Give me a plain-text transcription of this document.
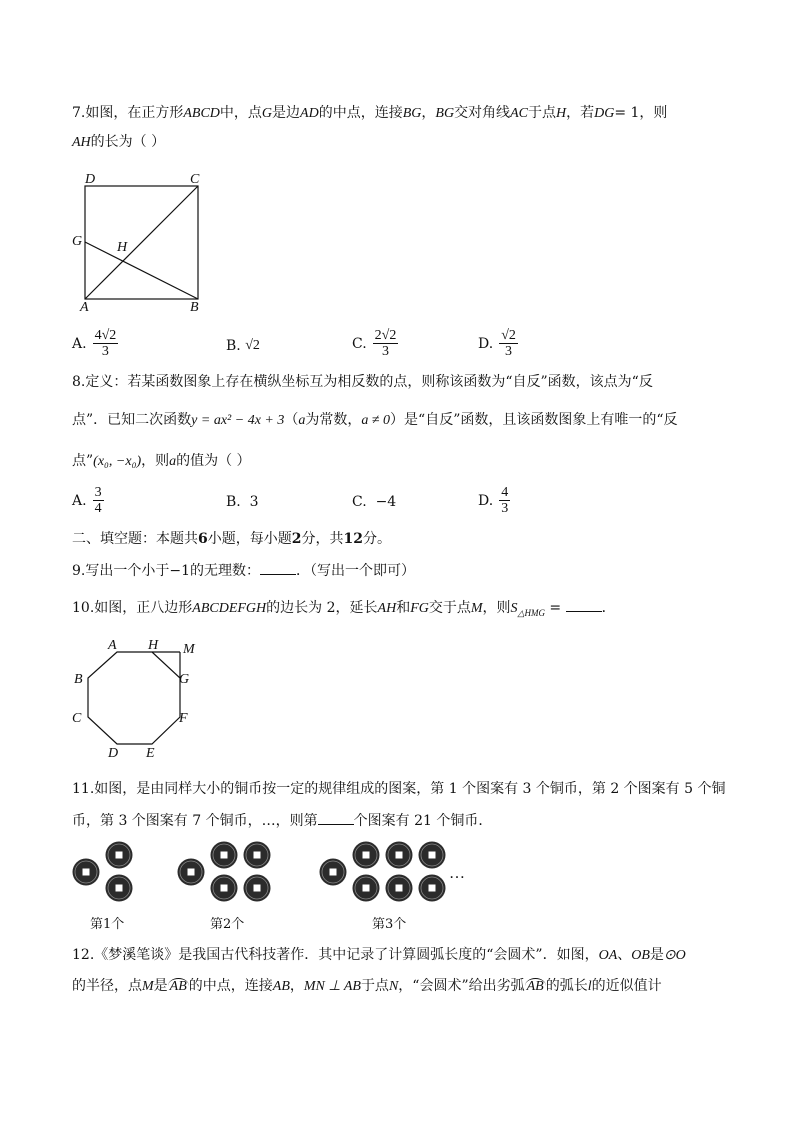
7.如图，在正方形ABCD中，点G是边AD的中点，连接BG，BG交对角线AC于点H，若DG= 1，则
AH的长为（ ）
D	C
G H
A	B
A. $\frac{4√2}{3}$	B.
√2	C. $\frac{2√2}{3}$	D. $\frac{√2}{3}$
8.定义：若某函数图象上存在横纵坐标互为相反数的点，则称该函数为“自反”函数，该点为“反
点”．已知二次函数y = ax² − 4x + 3（a为常数，a ≠ 0）是“自反”函数，且该函数图象上有唯一的“反
点”(x₀, −x₀)，则a的值为（ ）
A. $\frac{3}{4}$	B.
3	C.
−4	D. $\frac{4}{3}$
二、填空题：本题共6小题，每小题2分，共12分。
9.写出一个小于−1的无理数：	．（写出一个即可）
10.如图，正八边形ABCDEFGH的边长为 2，延长AH和FG交于点M，则$S_{\triangle HMG}$ =	．
A H M
B	G
C	F
D E
11.如图，是由同样大小的铜币按一定的规律组成的图案，第 1 个图案有 3 个铜币，第 2 个图案有 5 个铜
币，第 3 个图案有 7 个铜币，…，则第	个图案有 21 个铜币．
…
第1个	第2个	第3个
12.《梦溪笔谈》是我国古代科技著作．其中记录了计算圆弧长度的“会圆术”．如图，OA、OB是⊙O
的半径，点M是 AB 的中点，连接AB，MN ⊥ AB于点N，“会圆术”给出劣弧 AB 的弧长l的近似值计
